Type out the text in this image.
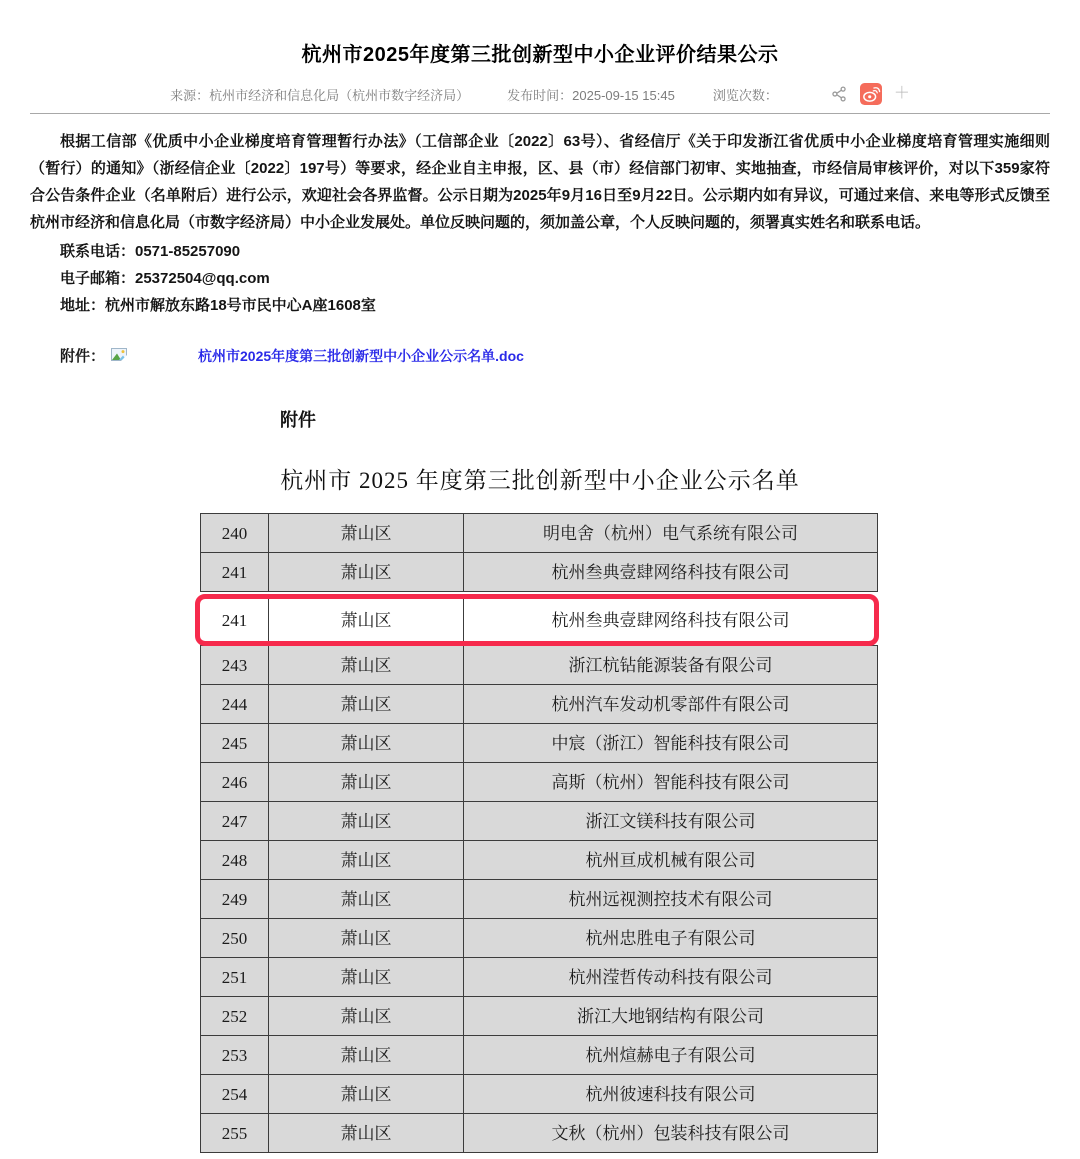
杭州市2025年度第三批创新型中小企业评价结果公示
来源：杭州市经济和信息化局（杭州市数字经济局）	发布时间：2025-09-15 15:45	浏览次数：	＋

根据工信部《优质中小企业梯度培育管理暂行办法》（工信部企业〔2022〕63号）、省经信厅《关于印发浙江省优质中小企业梯度培育管理实施细则（暂行）的通知》（浙经信企业〔2022〕197号）等要求，经企业自主申报，区、县（市）经信部门初审、实地抽查，市经信局审核评价，对以下359家符合公告条件企业（名单附后）进行公示，欢迎社会各界监督。公示日期为2025年9月16日至9月22日。公示期内如有异议，可通过来信、来电等形式反馈至杭州市经济和信息化局（市数字经济局）中小企业发展处。单位反映问题的，须加盖公章，个人反映问题的，须署真实姓名和联系电话。

联系电话：0571-85257090

电子邮箱：25372504@qq.com

地址：杭州市解放东路18号市民中心A座1608室

附件：	杭州市2025年度第三批创新型中小企业公示名单.doc
附件
杭州市 2025 年度第三批创新型中小企业公示名单
240	萧山区	明电舍（杭州）电气系统有限公司
241	萧山区	杭州叁典壹肆网络科技有限公司
241	萧山区	杭州叁典壹肆网络科技有限公司
243	萧山区	浙江杭钻能源装备有限公司
244	萧山区	杭州汽车发动机零部件有限公司
245	萧山区	中宸（浙江）智能科技有限公司
246	萧山区	高斯（杭州）智能科技有限公司
247	萧山区	浙江文镁科技有限公司
248	萧山区	杭州亘成机械有限公司
249	萧山区	杭州远视测控技术有限公司
250	萧山区	杭州忠胜电子有限公司
251	萧山区	杭州滢哲传动科技有限公司
252	萧山区	浙江大地钢结构有限公司
253	萧山区	杭州煊赫电子有限公司
254	萧山区	杭州彼速科技有限公司
255	萧山区	文秋（杭州）包装科技有限公司
